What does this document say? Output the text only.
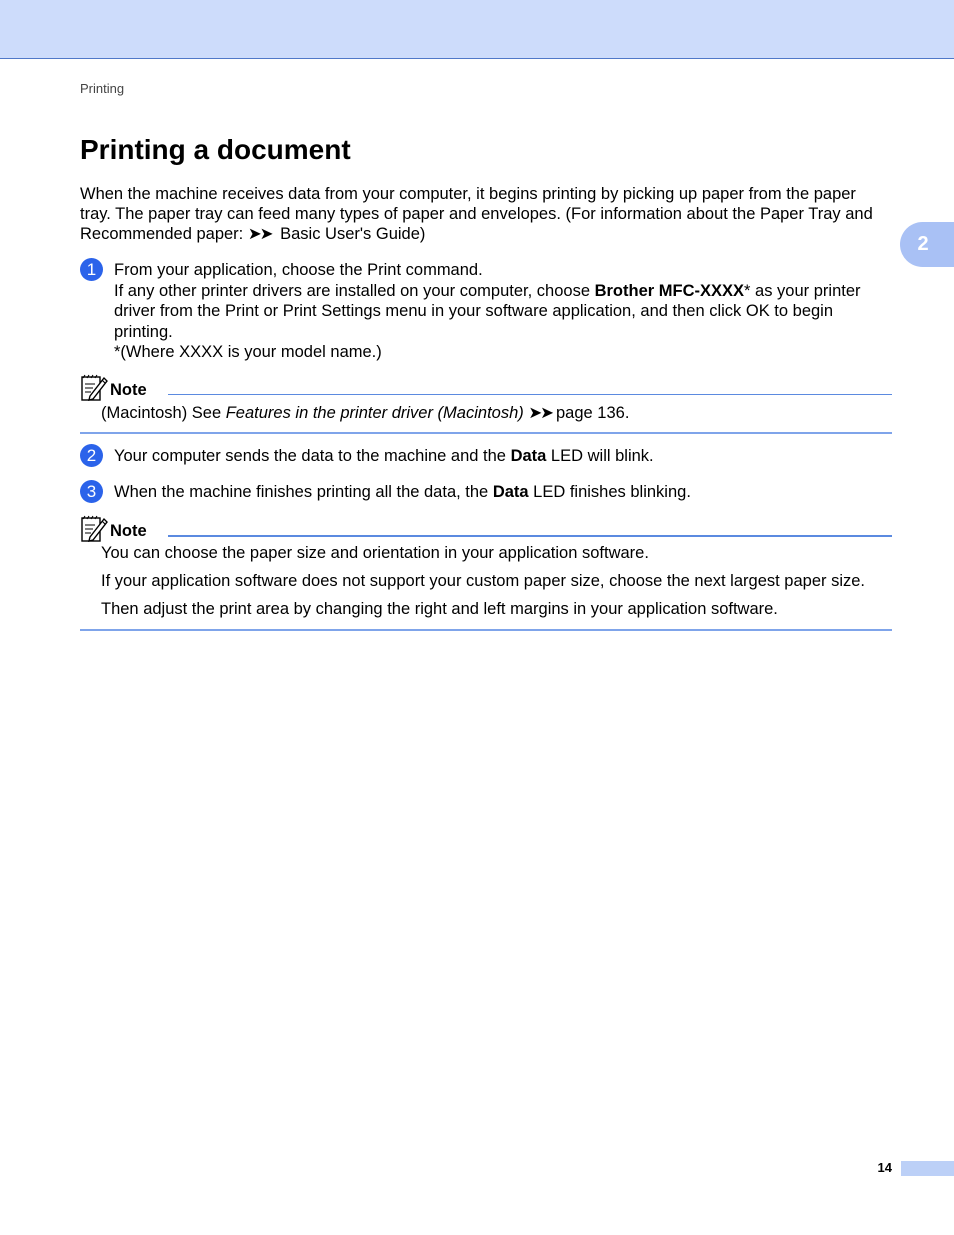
Printing
2
Printing a document
When the machine receives data from your computer, it begins printing by picking up paper from the paper
tray. The paper tray can feed many types of paper and envelopes. (For information about the Paper Tray and
Recommended paper: ➤➤ Basic User's Guide)
1	From your application, choose the Print command.
If any other printer drivers are installed on your computer, choose Brother MFC-XXXX* as your printer
driver from the Print or Print Settings menu in your software application, and then click OK to begin
printing.
*(Where XXXX is your model name.)
Note
(Macintosh) See Features in the printer driver (Macintosh) ➤➤ page 136.
2	Your computer sends the data to the machine and the Data LED will blink.
3	When the machine finishes printing all the data, the Data LED finishes blinking.
Note
You can choose the paper size and orientation in your application software.
If your application software does not support your custom paper size, choose the next largest paper size.
Then adjust the print area by changing the right and left margins in your application software.
14
